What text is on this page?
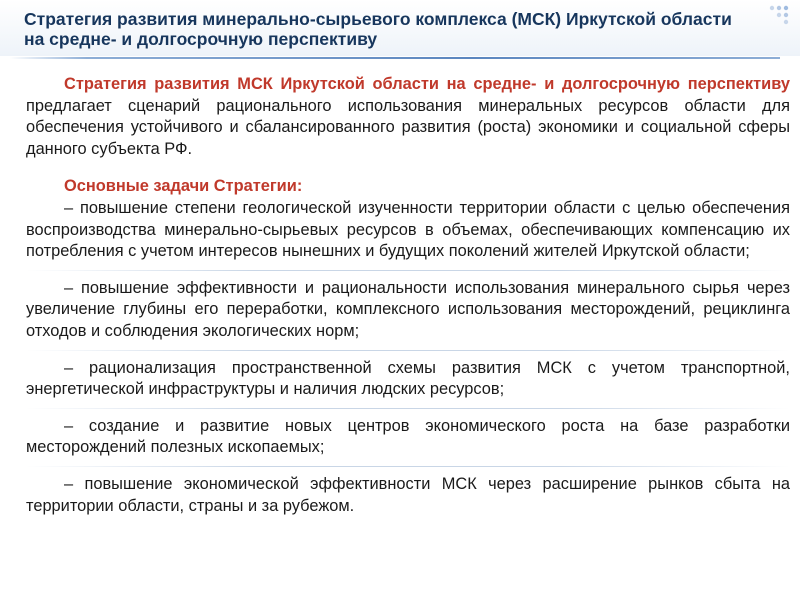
Стратегия развития минерально-сырьевого комплекса (МСК) Иркутской области
на средне- и долгосрочную перспективу

Стратегия развития МСК Иркутской области на средне- и долгосрочную перспективу предлагает сценарий рационального использования минеральных ресурсов области для обеспечения устойчивого и сбалансированного развития (роста) экономики и социальной сферы данного субъекта РФ.

Основные задачи Стратегии:

– повышение степени геологической изученности территории области с целью обеспечения воспроизводства минерально-сырьевых ресурсов в объемах, обеспечивающих компенсацию их потребления с учетом интересов нынешних и будущих поколений жителей Иркутской области;

– повышение эффективности и рациональности использования минерального сырья через увеличение глубины его переработки, комплексного использования месторождений, рециклинга отходов и соблюдения экологических норм;

– рационализация пространственной схемы развития МСК с учетом транспортной, энергетической инфраструктуры и наличия людских ресурсов;

– создание и развитие новых центров экономического роста на базе разработки месторождений полезных ископаемых;

– повышение экономической эффективности МСК через расширение рынков сбыта на территории области, страны и за рубежом.
